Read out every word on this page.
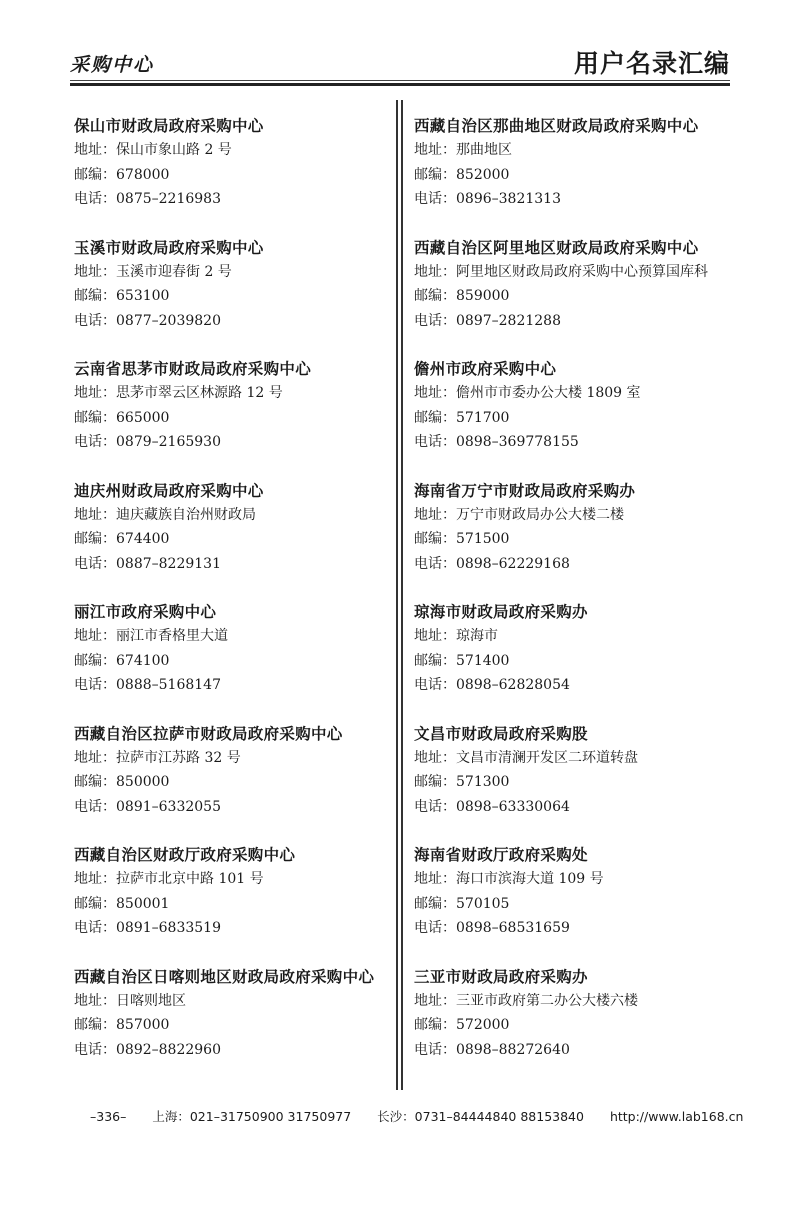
采购中心	用户名录汇编
保山市财政局政府采购中心
地址：保山市象山路 2 号
邮编：678000
电话：0875–2216983
玉溪市财政局政府采购中心
地址：玉溪市迎春街 2 号
邮编：653100
电话：0877–2039820
云南省思茅市财政局政府采购中心
地址：思茅市翠云区林源路 12 号
邮编：665000
电话：0879–2165930
迪庆州财政局政府采购中心
地址：迪庆藏族自治州财政局
邮编：674400
电话：0887–8229131
丽江市政府采购中心
地址：丽江市香格里大道
邮编：674100
电话：0888–5168147
西藏自治区拉萨市财政局政府采购中心
地址：拉萨市江苏路 32 号
邮编：850000
电话：0891–6332055
西藏自治区财政厅政府采购中心
地址：拉萨市北京中路 101 号
邮编：850001
电话：0891–6833519
西藏自治区日喀则地区财政局政府采购中心
地址：日喀则地区
邮编：857000
电话：0892–8822960
西藏自治区那曲地区财政局政府采购中心
地址：那曲地区
邮编：852000
电话：0896–3821313
西藏自治区阿里地区财政局政府采购中心
地址：阿里地区财政局政府采购中心预算国库科
邮编：859000
电话：0897–2821288
儋州市政府采购中心
地址：儋州市市委办公大楼 1809 室
邮编：571700
电话：0898–369778155
海南省万宁市财政局政府采购办
地址：万宁市财政局办公大楼二楼
邮编：571500
电话：0898–62229168
琼海市财政局政府采购办
地址：琼海市
邮编：571400
电话：0898–62828054
文昌市财政局政府采购股
地址：文昌市清澜开发区二环道转盘
邮编：571300
电话：0898–63330064
海南省财政厅政府采购处
地址：海口市滨海大道 109 号
邮编：570105
电话：0898–68531659
三亚市财政局政府采购办
地址：三亚市政府第二办公大楼六楼
邮编：572000
电话：0898–88272640
–336– 上海：021–31750900 31750977 长沙：0731–84444840 88153840 http://www.lab168.cn
